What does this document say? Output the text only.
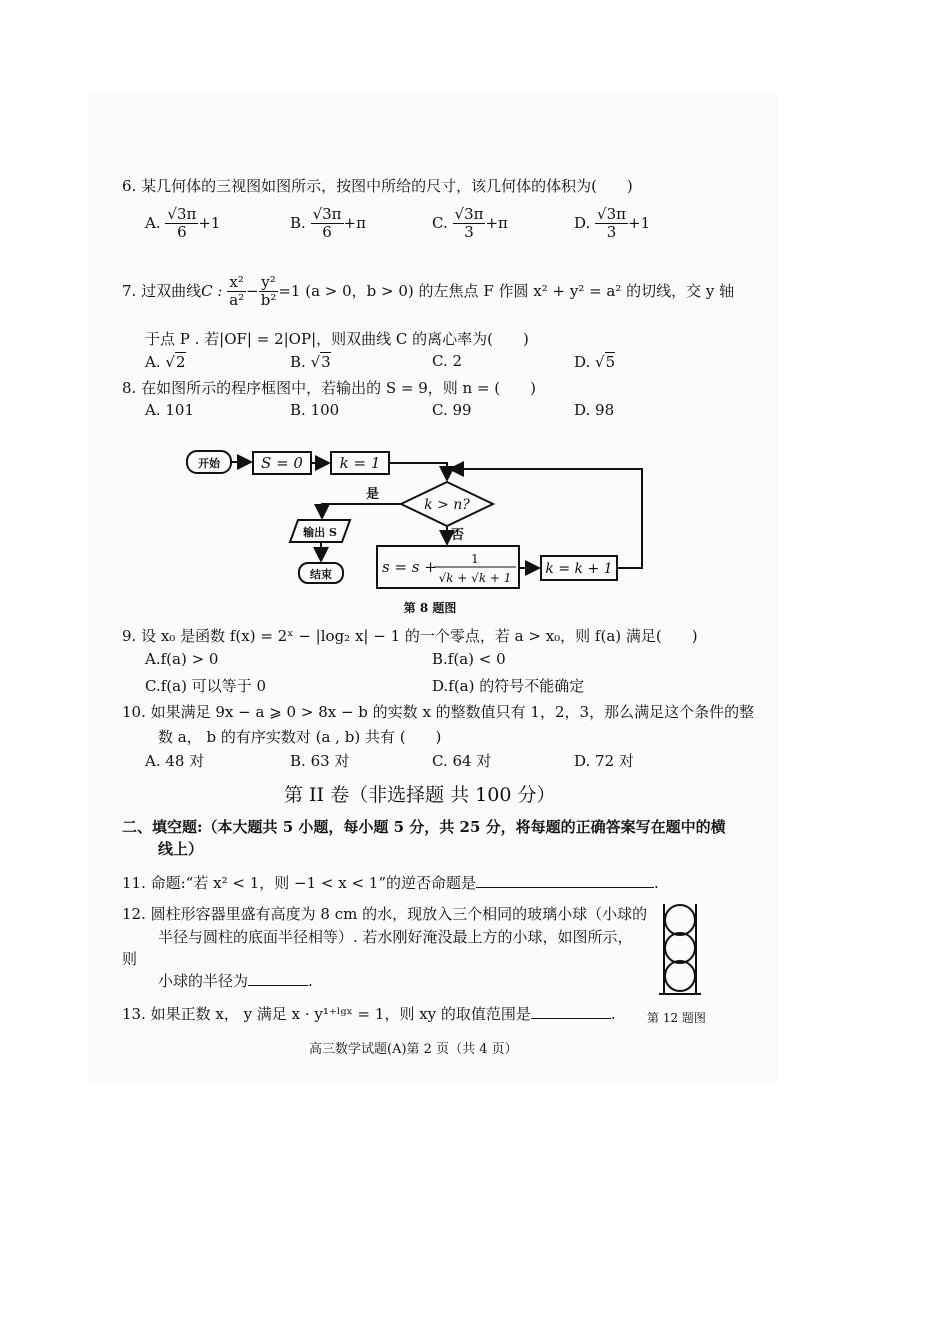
6. 某几何体的三视图如图所示，按图中所给的尺寸，该几何体的体积为(　　)
A. √ $\frac{3\pi}{6} +1$	B. √ $\frac{3\pi}{6} +\pi$	C. √ $\frac{3\pi}{3} +\pi$	D. √ $\frac{3\pi}{3} +1$
7. 过双曲线C : $\frac{\text{x²}}{\text{a²}} - \frac{\text{y²}}{\text{b²}} =1$ (a > 0，b > 0) 的左焦点 F 作圆 x² + y² = a² 的切线，交 y 轴
于点 P . 若|OF| = 2|OP|，则双曲线 C 的离心率为(　　)
A. √ 2	B. √ 3	C. 2	D. √ 5
8. 在如图所示的程序框图中，若输出的 S = 9，则 n = (　　)
A. 101	B. 100	C. 99	D. 98
开始	S = 0 k = 1
k > n?
是
否
输出 S
结束	s = s +	1
√k + √k + 1
k = k + 1
第 8 题图
9. 设 x₀ 是函数 f(x) = 2ˣ − |log₂ x| − 1 的一个零点，若 a > x₀，则 f(a) 满足(　　)
A.f(a) > 0	B.f(a) < 0
C.f(a) 可以等于 0	D.f(a) 的符号不能确定
10. 如果满足 9x − a ⩾ 0 > 8x − b 的实数 x 的整数值只有 1，2，3，那么满足这个条件的整
数 a， b 的有序实数对 (a , b) 共有 (　　)
A. 48 对	B. 63 对	C. 64 对	D. 72 对
第 II 卷（非选择题 共 100 分）
二、填空题:（本大题共 5 小题，每小题 5 分，共 25 分，将每题的正确答案写在题中的横
线上）
11. 命题:“若 x² < 1，则 −1 < x < 1”的逆否命题是	.
12. 圆柱形容器里盛有高度为 8 cm 的水，现放入三个相同的玻璃小球（小球的
半径与圆柱的底面半径相等）. 若水刚好淹没最上方的小球，如图所示，
则
小球的半径为	.
第 12 题图
13. 如果正数 x， y 满足 x · y¹⁺ˡᵍˣ = 1，则 xy 的取值范围是	.
高三数学试题(A)第 2 页（共 4 页）
